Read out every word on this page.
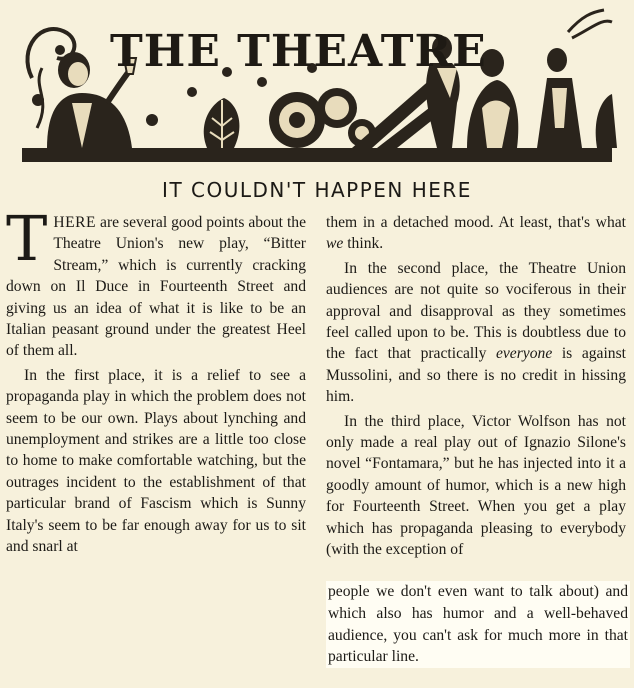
THE THEATRE
IT COULDN'T HAPPEN HERE

THERE are several good points about the Theatre Union's new play, “Bitter Stream,” which is currently cracking down on Il Duce in Fourteenth Street and giving us an idea of what it is like to be an Italian peasant ground under the greatest Heel of them all.

In the first place, it is a relief to see a propaganda play in which the problem does not seem to be our own. Plays about lynching and unemployment and strikes are a little too close to home to make comfortable watching, but the outrages incident to the establishment of that particular brand of Fascism which is Sunny Italy's seem to be far enough away for us to sit and snarl at

them in a detached mood. At least, that's what we think.

In the second place, the Theatre Union audiences are not quite so vociferous in their approval and disapproval as they sometimes feel called upon to be. This is doubtless due to the fact that practically everyone is against Mussolini, and so there is no credit in hissing him.

In the third place, Victor Wolfson has not only made a real play out of Ignazio Silone's novel “Fontamara,” but he has injected into it a goodly amount of humor, which is a new high for Fourteenth Street. When you get a play which has propaganda pleasing to everybody (with the exception of

people we don't even want to talk about) and which also has humor and a well-behaved audience, you can't ask for much more in that particular line.
